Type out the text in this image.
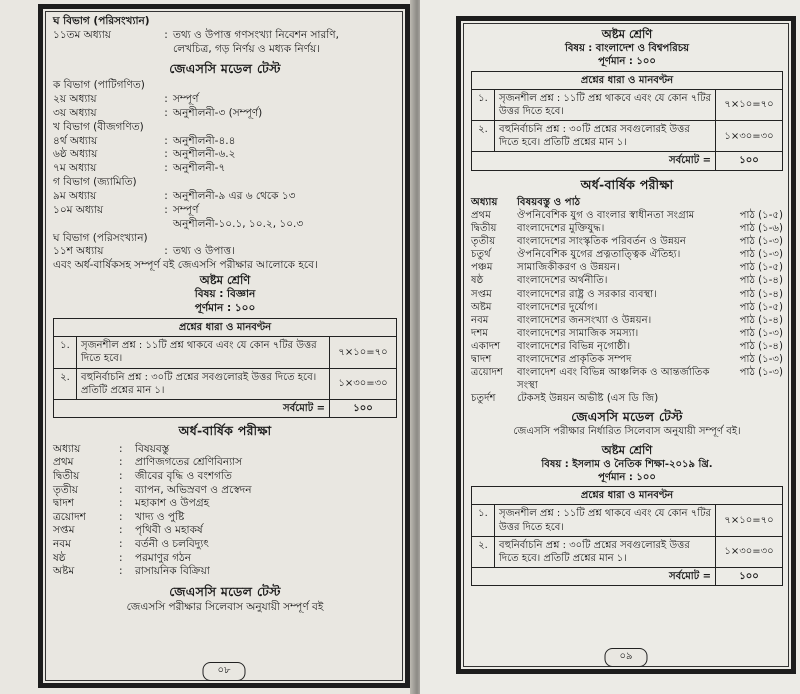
ঘ বিভাগ (পরিসংখ্যান)
১১তম অধ্যায়	: তথ্য ও উপাত্ত গণসংখ্যা নিবেশন সারণি,
লেখচিত্র, গড় নির্ণয় ও মধ্যক নির্ণয়।
জেএসসি মডেল টেস্ট
ক বিভাগ (পাটিগণিত)
২য় অধ্যায়	: সম্পূর্ণ
৩য় অধ্যায়	: অনুশীলনী-৩ (সম্পূর্ণ)
খ বিভাগ (বীজগণিত)
৪র্থ অধ্যায়	: অনুশীলনী-৪.৪
৬ষ্ঠ অধ্যায়	: অনুশীলনী-৬.২
৭ম অধ্যায়	: অনুশীলনী-৭
গ বিভাগ (জ্যামিতি)
৯ম অধ্যায়	: অনুশীলনী-৯ এর ৬ থেকে ১৩
১০ম অধ্যায়	: সম্পূর্ণ
অনুশীলনী-১০.১, ১০.২, ১০.৩
ঘ বিভাগ (পরিসংখ্যান)
১১শ অধ্যায়	: তথ্য ও উপাত্ত।
এবং অর্ধ-বার্ষিকসহ সম্পূর্ণ বই জেএসসি পরীক্ষার আলোকে হবে।
অষ্টম শ্রেণি
বিষয় : বিজ্ঞান
পূর্ণমান : ১০০
প্রশ্নের ধারা ও মানবণ্টন		
১.	সৃজনশীল প্রশ্ন : ১১টি প্রশ্ন থাকবে এবং যে কোন ৭টির উত্তর দিতে হবে।	৭×১০=৭০
২.	বহুনির্বাচনি প্রশ্ন : ৩০টি প্রশ্নের সবগুলোরই উত্তর দিতে হবে। প্রতিটি প্রশ্নের মান ১।	১×৩০=৩০
সর্বমোট =		১০০
অর্ধ-বার্ষিক পরীক্ষা
অধ্যায়	:	বিষয়বস্তু
প্রথম	:	প্রাণিজগতের শ্রেণিবিন্যাস
দ্বিতীয়	:	জীবের বৃদ্ধি ও বংশগতি
তৃতীয়	:	ব্যাপন, অভিস্রবণ ও প্রস্বেদন
দ্বাদশ	:	মহাকাশ ও উপগ্রহ
ত্রয়োদশ	:	খাদ্য ও পুষ্টি
সপ্তম	:	পৃথিবী ও মহাকর্ষ
নবম	:	বর্তনী ও চলবিদ্যুৎ
ষষ্ঠ	:	পরমাণুর গঠন
অষ্টম	:	রাসায়নিক বিক্রিয়া
জেএসসি মডেল টেস্ট
জেএসসি পরীক্ষার সিলেবাস অনুযায়ী সম্পূর্ণ বই
০৮
অষ্টম শ্রেণি
বিষয় : বাংলাদেশ ও বিশ্বপরিচয়
পূর্ণমান : ১০০
প্রশ্নের ধারা ও মানবণ্টন		
১.	সৃজনশীল প্রশ্ন : ১১টি প্রশ্ন থাকবে এবং যে কোন ৭টির উত্তর দিতে হবে।	৭×১০=৭০
২.	বহুনির্বাচনি প্রশ্ন : ৩০টি প্রশ্নের সবগুলোরই উত্তর দিতে হবে। প্রতিটি প্রশ্নের মান ১।	১×৩০=৩০
সর্বমোট =		১০০
অর্ধ-বার্ষিক পরীক্ষা
অধ্যায়	বিষয়বস্তু ও পাঠ
প্রথম	ঔপনিবেশিক যুগ ও বাংলার স্বাধীনতা সংগ্রাম	পাঠ (১-৫)
দ্বিতীয়	বাংলাদেশের মুক্তিযুদ্ধ।	পাঠ (১-৬)
তৃতীয়	বাংলাদেশের সাংস্কৃতিক পরিবর্তন ও উন্নয়ন	পাঠ (১-৩)
চতুর্থ	ঔপনিবেশিক যুগের প্রত্নতাত্ত্বিক ঐতিহ্য।	পাঠ (১-৩)
পঞ্চম	সামাজিকীকরণ ও উন্নয়ন।	পাঠ (১-৫)
ষষ্ঠ	বাংলাদেশের অর্থনীতি।	পাঠ (১-৪)
সপ্তম	বাংলাদেশের রাষ্ট্র ও সরকার ব্যবস্থা।	পাঠ (১-৪)
অষ্টম	বাংলাদেশের দুর্যোগ।	পাঠ (১-৫)
নবম	বাংলাদেশের জনসংখ্যা ও উন্নয়ন।	পাঠ (১-৪)
দশম	বাংলাদেশের সামাজিক সমস্যা।	পাঠ (১-৩)
একাদশ	বাংলাদেশের বিভিন্ন নৃগোষ্ঠী।	পাঠ (১-৪)
দ্বাদশ	বাংলাদেশের প্রাকৃতিক সম্পদ	পাঠ (১-৩)
ত্রয়োদশ	বাংলাদেশ এবং বিভিন্ন আঞ্চলিক ও আন্তর্জাতিক সংস্থা
পাঠ (১-৩)
চতুর্দশ	টেকসই উন্নয়ন অভীষ্ট (এস ডি জি)
জেএসসি মডেল টেস্ট
জেএসসি পরীক্ষার নির্ধারিত সিলেবাস অনুযায়ী সম্পূর্ণ বই।
অষ্টম শ্রেণি
বিষয় : ইসলাম ও নৈতিক শিক্ষা-২০১৯ খ্রি.
পূর্ণমান : ১০০
প্রশ্নের ধারা ও মানবণ্টন		
১.	সৃজনশীল প্রশ্ন : ১১টি প্রশ্ন থাকবে এবং যে কোন ৭টির উত্তর দিতে হবে।	৭×১০=৭০
২.	বহুনির্বাচনি প্রশ্ন : ৩০টি প্রশ্নের সবগুলোরই উত্তর দিতে হবে। প্রতিটি প্রশ্নের মান ১।	১×৩০=৩০
সর্বমোট =		১০০
০৯
